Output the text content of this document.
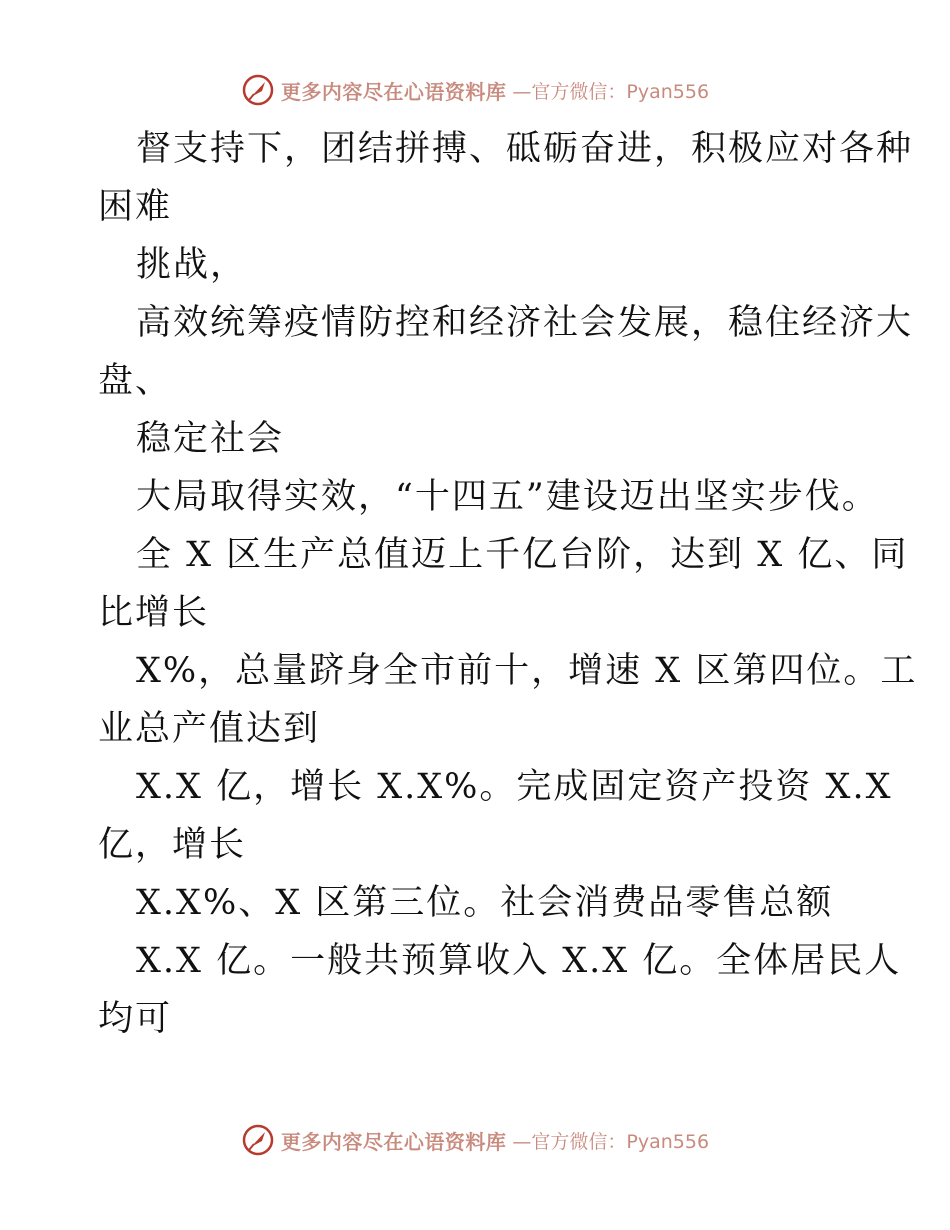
更多内容尽在心语资料库 —官方微信：Pyan556
督支持下，团结拼搏、砥砺奋进，积极应对各种
困难
挑战，
高效统筹疫情防控和经济社会发展，稳住经济大
盘、
稳定社会
大局取得实效，“十四五”建设迈出坚实步伐。
全 X 区生产总值迈上千亿台阶，达到 X 亿、同
比增长
X%，总量跻身全市前十，增速 X 区第四位。工
业总产值达到
X.X 亿，增长 X.X%。完成固定资产投资 X.X
亿，增长
X.X%、X 区第三位。社会消费品零售总额
X.X 亿。一般共预算收入 X.X 亿。全体居民人
均可
更多内容尽在心语资料库 —官方微信：Pyan556
